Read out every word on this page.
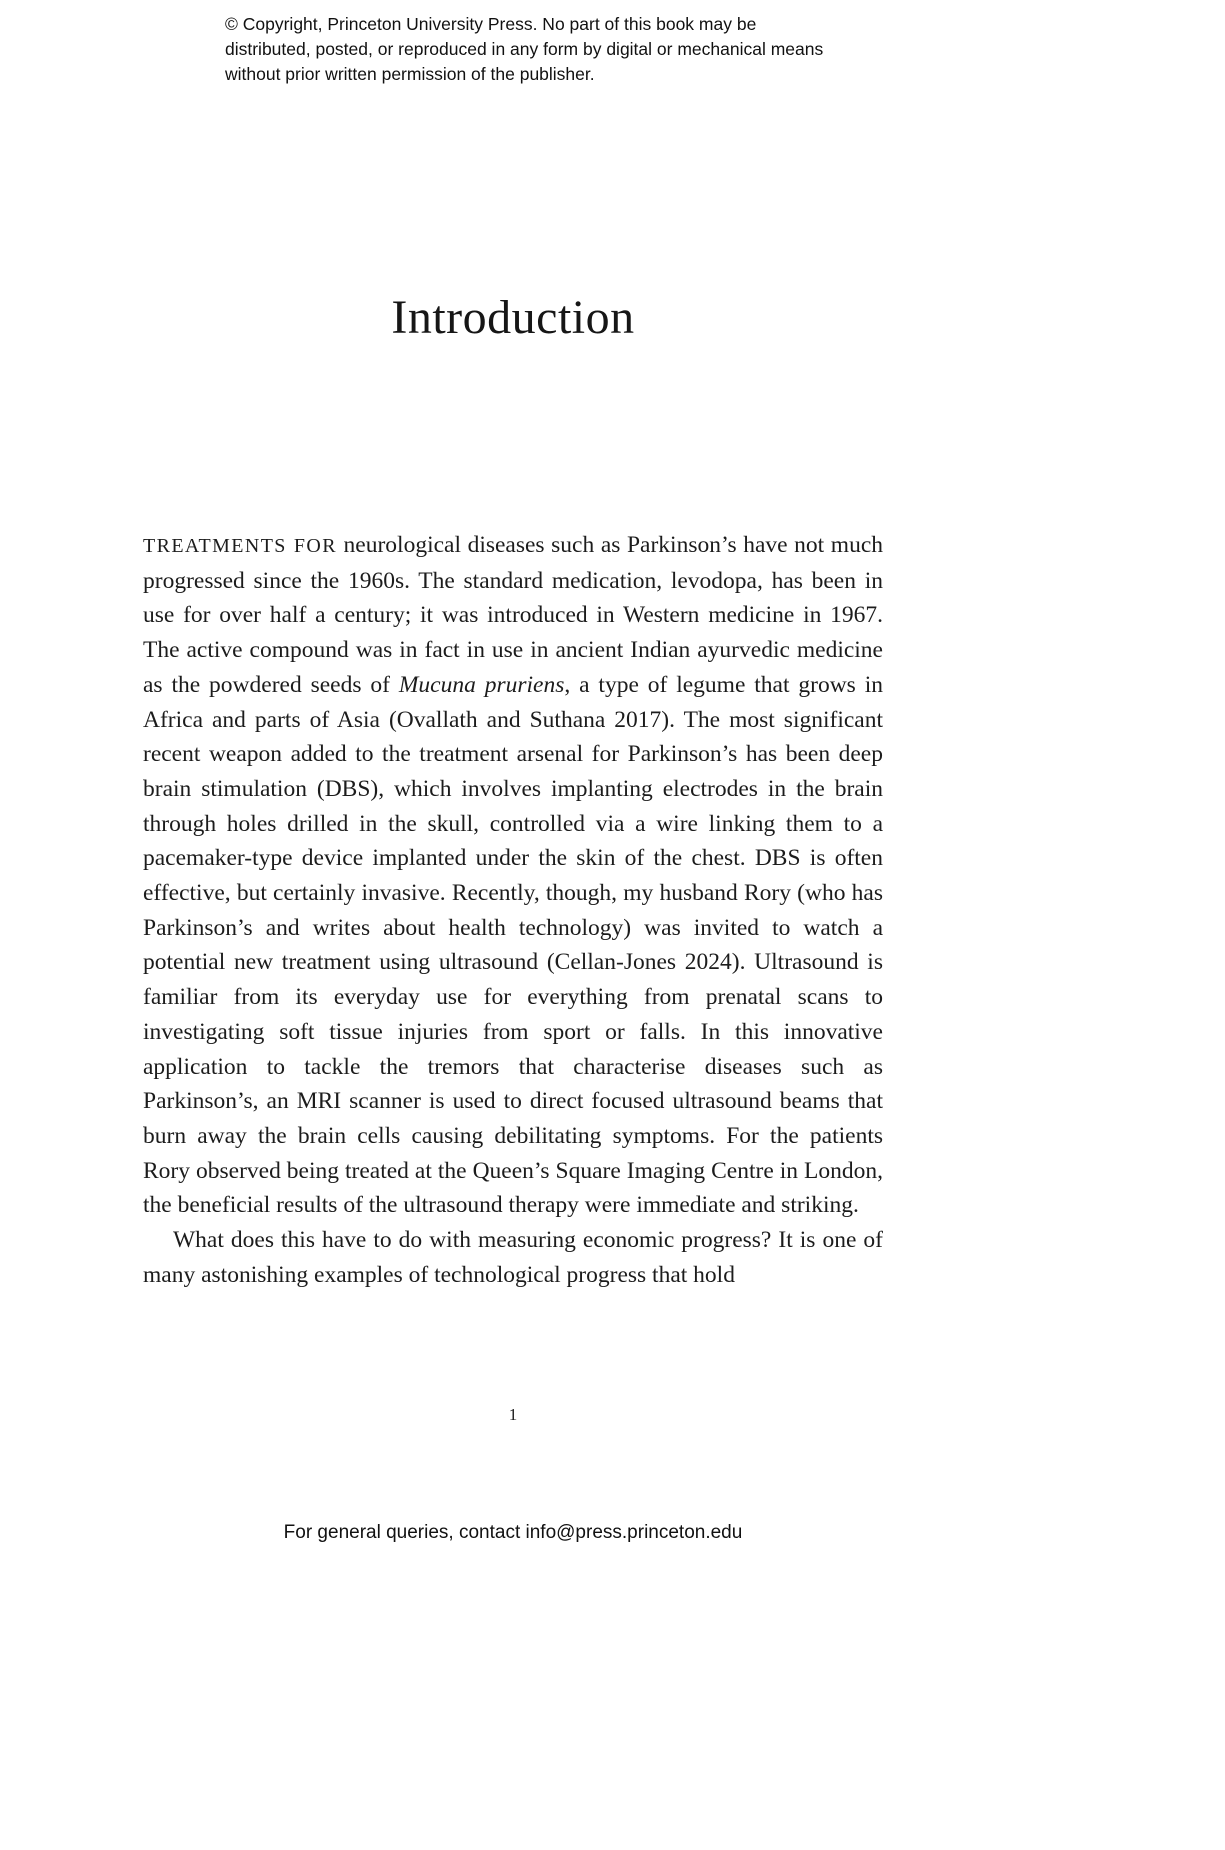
© Copyright, Princeton University Press. No part of this book may be distributed, posted, or reproduced in any form by digital or mechanical means without prior written permission of the publisher.
Introduction

TREATMENTS FOR neurological diseases such as Parkinson’s have not much progressed since the 1960s. The standard medication, levodopa, has been in use for over half a century; it was introduced in Western medicine in 1967. The active compound was in fact in use in ancient Indian ayurvedic medicine as the powdered seeds of Mucuna pruriens, a type of legume that grows in Africa and parts of Asia (Ovallath and Suthana 2017). The most significant recent weapon added to the treatment arsenal for Parkinson’s has been deep brain stimulation (DBS), which involves implanting electrodes in the brain through holes drilled in the skull, controlled via a wire linking them to a pacemaker-type device implanted under the skin of the chest. DBS is often effective, but certainly invasive. Recently, though, my husband Rory (who has Parkinson’s and writes about health technology) was invited to watch a potential new treatment using ultrasound (Cellan-Jones 2024). Ultrasound is familiar from its everyday use for everything from prenatal scans to investigating soft tissue injuries from sport or falls. In this innovative application to tackle the tremors that characterise diseases such as Parkinson’s, an MRI scanner is used to direct focused ultrasound beams that burn away the brain cells causing debilitating symptoms. For the patients Rory observed being treated at the Queen’s Square Imaging Centre in London, the beneficial results of the ultrasound therapy were immediate and striking.

What does this have to do with measuring economic progress? It is one of many astonishing examples of technological progress that hold

1
For general queries, contact info@press.princeton.edu
